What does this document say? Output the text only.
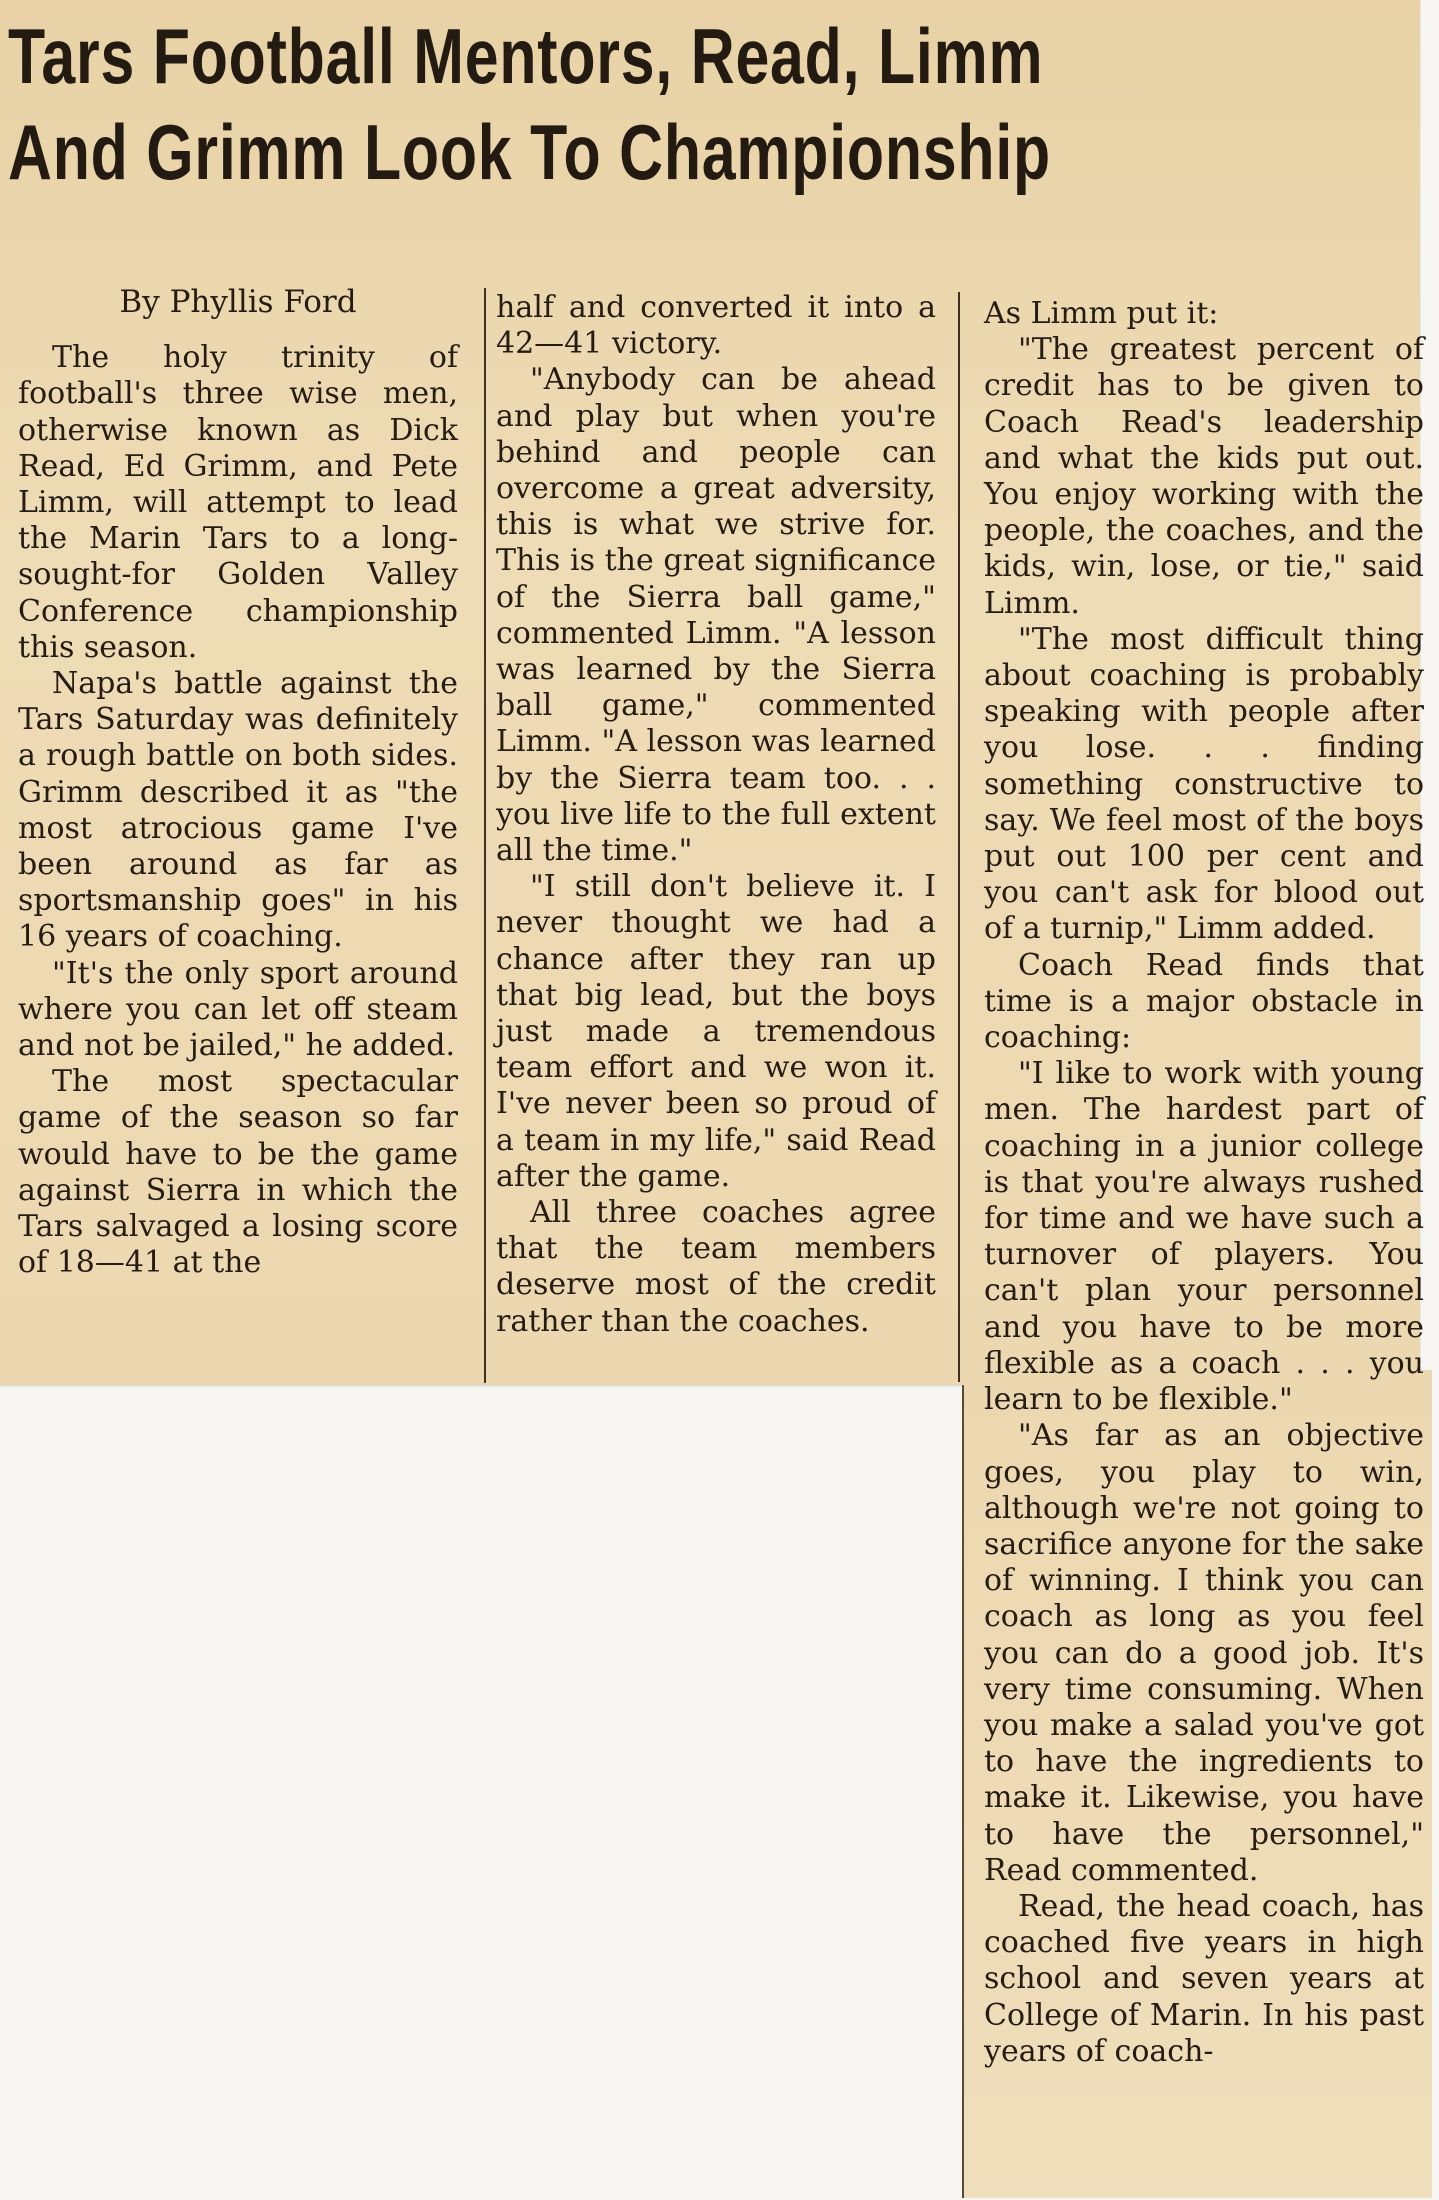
Tars Football Mentors, Read, Limm
And Grimm Look To Championship

By Phyllis Ford

The holy trinity of football's three wise men, otherwise known as Dick Read, Ed Grimm, and Pete Limm, will attempt to lead the Marin Tars to a long-sought-for Golden Valley Conference championship this season.

Napa's battle against the Tars Saturday was definitely a rough battle on both sides. Grimm described it as "the most atrocious game I've been around as far as sportsmanship goes" in his 16 years of coaching.

"It's the only sport around where you can let off steam and not be jailed," he added.

The most spectacular game of the season so far would have to be the game against Sierra in which the Tars salvaged a losing score of 18—41 at the

half and converted it into a 42—41 victory.

"Anybody can be ahead and play but when you're behind and people can overcome a great adversity, this is what we strive for. This is the great significance of the Sierra ball game," commented Limm. "A lesson was learned by the Sierra ball game," commented Limm. "A lesson was learned by the Sierra team too. . . you live life to the full extent all the time."

"I still don't believe it. I never thought we had a chance after they ran up that big lead, but the boys just made a tremendous team effort and we won it. I've never been so proud of a team in my life," said Read after the game.

All three coaches agree that the team members deserve most of the credit rather than the coaches.

As Limm put it:

"The greatest percent of credit has to be given to Coach Read's leadership and what the kids put out. You enjoy working with the people, the coaches, and the kids, win, lose, or tie," said Limm.

"The most difficult thing about coaching is probably speaking with people after you lose. . . finding something constructive to say. We feel most of the boys put out 100 per cent and you can't ask for blood out of a turnip," Limm added.

Coach Read finds that time is a major obstacle in coaching:

"I like to work with young men. The hardest part of coaching in a junior college is that you're always rushed for time and we have such a turnover of players. You can't plan your personnel and you have to be more flexible as a coach . . . you learn to be flexible."

"As far as an objective goes, you play to win, although we're not going to sacrifice anyone for the sake of winning. I think you can coach as long as you feel you can do a good job. It's very time consuming. When you make a salad you've got to have the ingredients to make it. Likewise, you have to have the personnel," Read commented.

Read, the head coach, has coached five years in high school and seven years at College of Marin. In his past years of coach-
